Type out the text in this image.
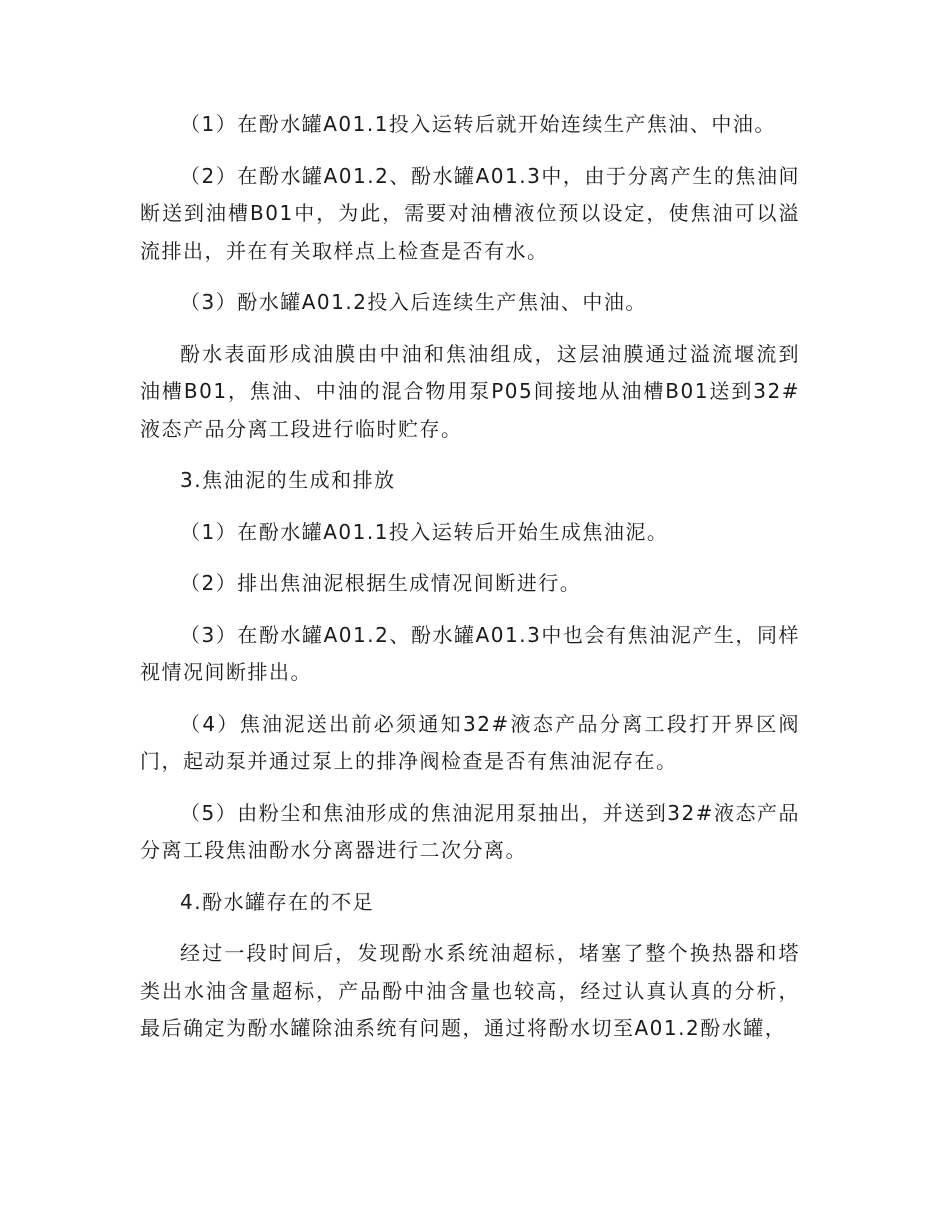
（1）在酚水罐A01.1投入运转后就开始连续生产焦油、中油。

（2）在酚水罐A01.2、酚水罐A01.3中，由于分离产生的焦油间断送到油槽B01中，为此，需要对油槽液位预以设定，使焦油可以溢流排出，并在有关取样点上检查是否有水。

（3）酚水罐A01.2投入后连续生产焦油、中油。

酚水表面形成油膜由中油和焦油组成，这层油膜通过溢流堰流到油槽B01，焦油、中油的混合物用泵P05间接地从油槽B01送到32#液态产品分离工段进行临时贮存。

3.焦油泥的生成和排放

（1）在酚水罐A01.1投入运转后开始生成焦油泥。

（2）排出焦油泥根据生成情况间断进行。

（3）在酚水罐A01.2、酚水罐A01.3中也会有焦油泥产生，同样视情况间断排出。

（4）焦油泥送出前必须通知32#液态产品分离工段打开界区阀门，起动泵并通过泵上的排净阀检查是否有焦油泥存在。

（5）由粉尘和焦油形成的焦油泥用泵抽出，并送到32#液态产品分离工段焦油酚水分离器进行二次分离。

4.酚水罐存在的不足

经过一段时间后，发现酚水系统油超标，堵塞了整个换热器和塔类出水油含量超标，产品酚中油含量也较高，经过认真认真的分析，最后确定为酚水罐除油系统有问题，通过将酚水切至A01.2酚水罐，
